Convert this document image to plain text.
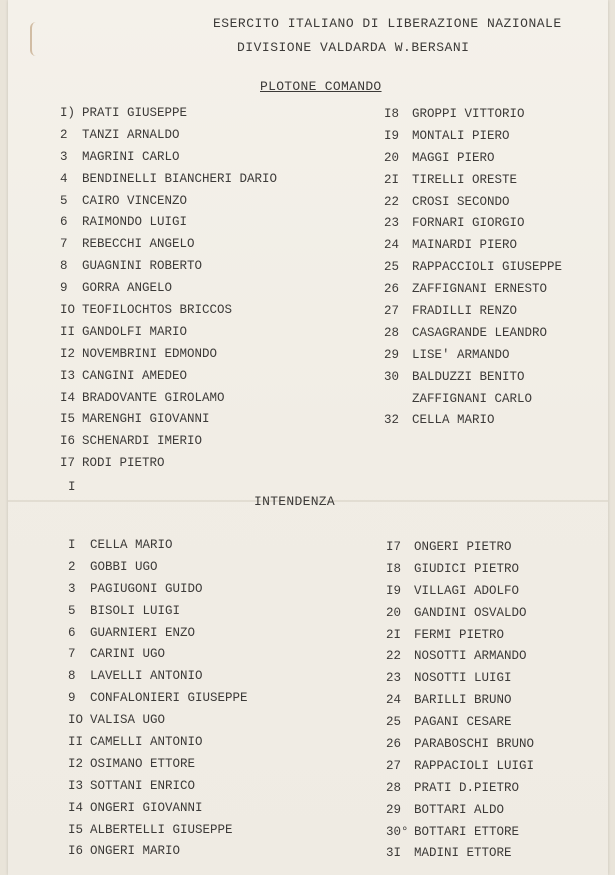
ESERCITO ITALIANO DI LIBERAZIONE NAZIONALE
DIVISIONE VALDARDA W.BERSANI
PLOTONE COMANDO
I) PRATI GIUSEPPE
2	TANZI ARNALDO
3	MAGRINI CARLO
4	BENDINELLI BIANCHERI DARIO
5	CAIRO VINCENZO
6	RAIMONDO LUIGI
7	REBECCHI ANGELO
8	GUAGNINI ROBERTO
9	GORRA ANGELO
IO TEOFILOCHTOS BRICCOS
II GANDOLFI MARIO
I2 NOVEMBRINI EDMONDO
I3 CANGINI AMEDEO
I4 BRADOVANTE GIROLAMO
I5 MARENGHI GIOVANNI
I6 SCHENARDI IMERIO
I7 RODI PIETRO
I8	GROPPI VITTORIO
I9	MONTALI PIERO
20	MAGGI PIERO
2I	TIRELLI ORESTE
22	CROSI SECONDO
23	FORNARI GIORGIO
24	MAINARDI PIERO
25	RAPPACCIOLI GIUSEPPE
26	ZAFFIGNANI ERNESTO
27	FRADILLI RENZO
28	CASAGRANDE LEANDRO
29	LISE' ARMANDO
30	BALDUZZI BENITO
ZAFFIGNANI CARLO
32	CELLA MARIO
I
INTENDENZA
I	CELLA MARIO
2	GOBBI UGO
3	PAGIUGONI GUIDO
5	BISOLI LUIGI
6	GUARNIERI ENZO
7	CARINI UGO
8	LAVELLI ANTONIO
9	CONFALONIERI GIUSEPPE
IO VALISA UGO
II CAMELLI ANTONIO
I2 OSIMANO ETTORE
I3 SOTTANI ENRICO
I4 ONGERI GIOVANNI
I5 ALBERTELLI GIUSEPPE
I6 ONGERI MARIO
I7	ONGERI PIETRO
I8	GIUDICI PIETRO
I9	VILLAGI ADOLFO
20	GANDINI OSVALDO
2I	FERMI PIETRO
22	NOSOTTI ARMANDO
23	NOSOTTI LUIGI
24	BARILLI BRUNO
25	PAGANI CESARE
26	PARABOSCHI BRUNO
27	RAPPACIOLI LUIGI
28	PRATI D.PIETRO
29	BOTTARI ALDO
30° BOTTARI ETTORE
3I	MADINI ETTORE
